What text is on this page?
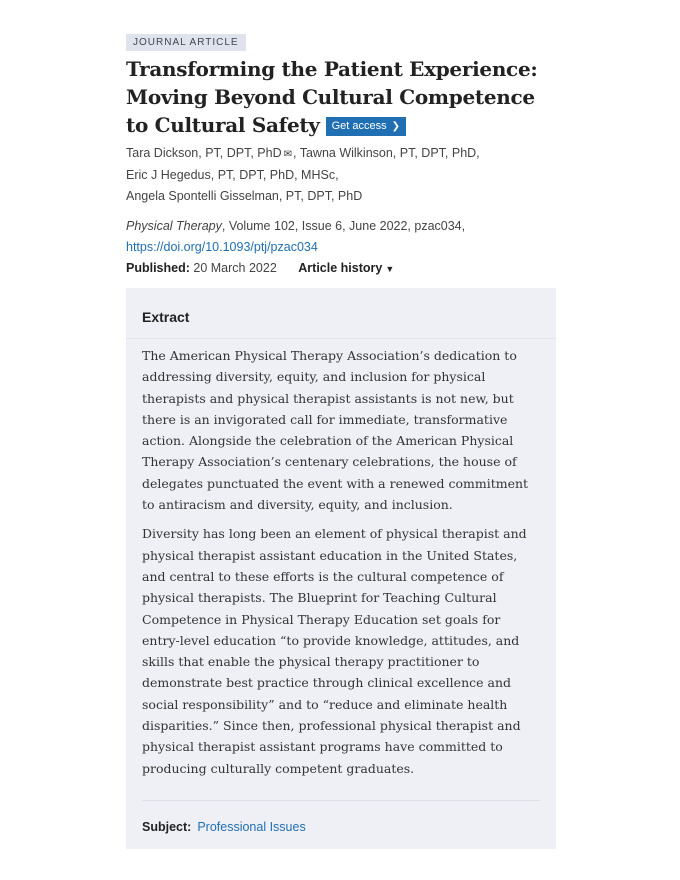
JOURNAL ARTICLE
Transforming the Patient Experience: Moving Beyond Cultural Competence to Cultural Safety Get access ❯
Tara Dickson, PT, DPT, PhD ✉, Tawna Wilkinson, PT, DPT, PhD,
Eric J Hegedus, PT, DPT, PhD, MHSc,
Angela Spontelli Gisselman, PT, DPT, PhD
Physical Therapy, Volume 102, Issue 6, June 2022, pzac034,
https://doi.org/10.1093/ptj/pzac034
Published: 20 March 2022 Article history ▼
Extract

The American Physical Therapy Association’s dedication to addressing diversity, equity, and inclusion for physical therapists and physical therapist assistants is not new, but there is an invigorated call for immediate, transformative action. Alongside the celebration of the American Physical Therapy Association’s centenary celebrations, the house of delegates punctuated the event with a renewed commitment to antiracism and diversity, equity, and inclusion.

Diversity has long been an element of physical therapist and physical therapist assistant education in the United States, and central to these efforts is the cultural competence of physical therapists. The Blueprint for Teaching Cultural Competence in Physical Therapy Education set goals for entry-level education “to provide knowledge, attitudes, and skills that enable the physical therapy practitioner to demonstrate best practice through clinical excellence and social responsibility” and to “reduce and eliminate health disparities.” Since then, professional physical therapist and physical therapist assistant programs have committed to producing culturally competent graduates.

Subject: Professional Issues
